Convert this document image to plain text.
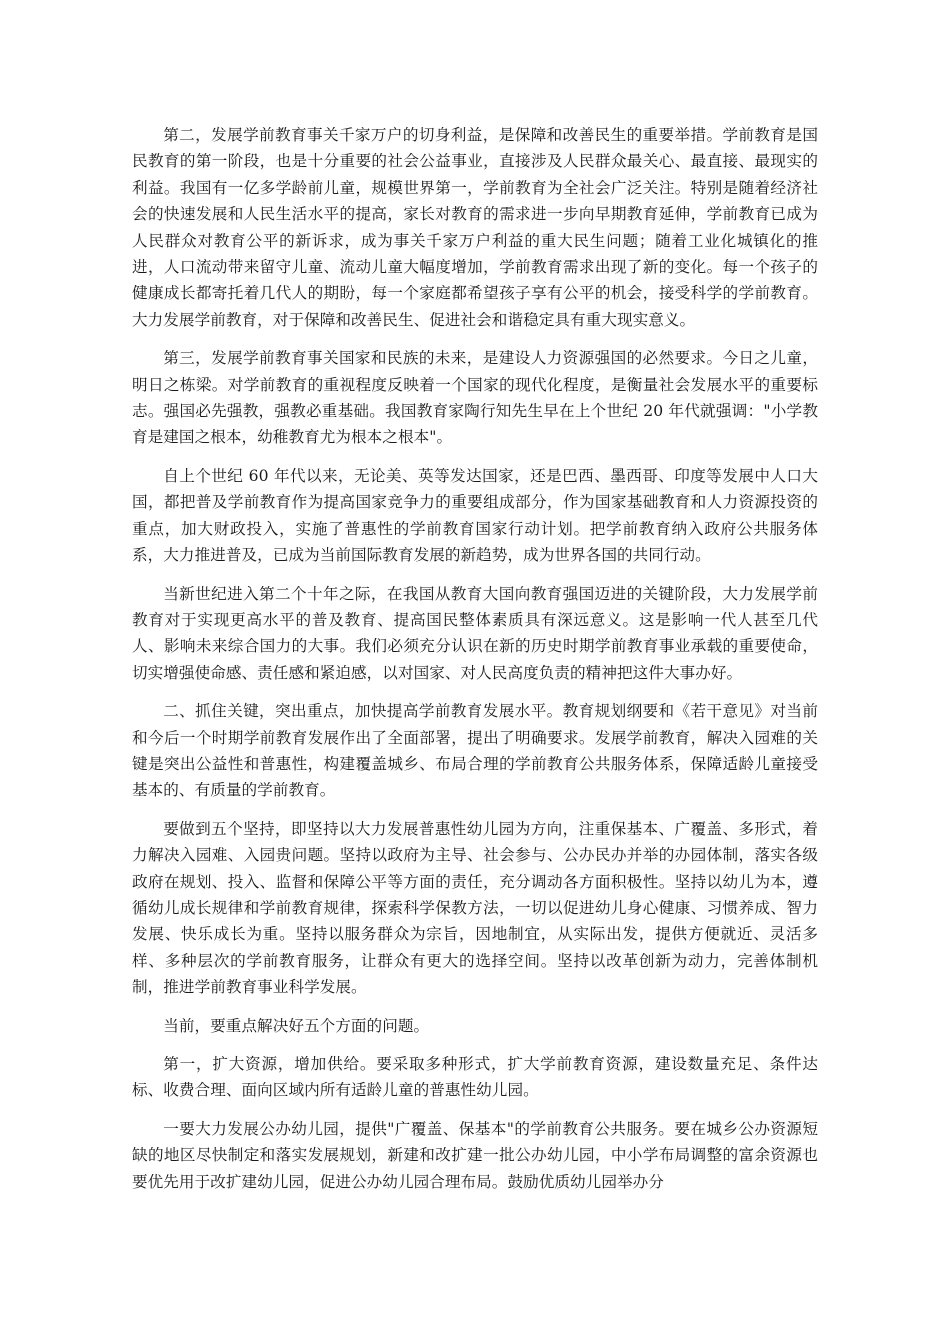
第二，发展学前教育事关千家万户的切身利益，是保障和改善民生的重要举措。学前教育是国民教育的第一阶段，也是十分重要的社会公益事业，直接涉及人民群众最关心、最直接、最现实的利益。我国有一亿多学龄前儿童，规模世界第一，学前教育为全社会广泛关注。特别是随着经济社会的快速发展和人民生活水平的提高，家长对教育的需求进一步向早期教育延伸，学前教育已成为人民群众对教育公平的新诉求，成为事关千家万户利益的重大民生问题；随着工业化城镇化的推进，人口流动带来留守儿童、流动儿童大幅度增加，学前教育需求出现了新的变化。每一个孩子的健康成长都寄托着几代人的期盼，每一个家庭都希望孩子享有公平的机会，接受科学的学前教育。大力发展学前教育，对于保障和改善民生、促进社会和谐稳定具有重大现实意义。

第三，发展学前教育事关国家和民族的未来，是建设人力资源强国的必然要求。今日之儿童，明日之栋梁。对学前教育的重视程度反映着一个国家的现代化程度，是衡量社会发展水平的重要标志。强国必先强教，强教必重基础。我国教育家陶行知先生早在上个世纪 20 年代就强调："小学教育是建国之根本，幼稚教育尤为根本之根本"。

自上个世纪 60 年代以来，无论美、英等发达国家，还是巴西、墨西哥、印度等发展中人口大国，都把普及学前教育作为提高国家竞争力的重要组成部分，作为国家基础教育和人力资源投资的重点，加大财政投入，实施了普惠性的学前教育国家行动计划。把学前教育纳入政府公共服务体系，大力推进普及，已成为当前国际教育发展的新趋势，成为世界各国的共同行动。

当新世纪进入第二个十年之际，在我国从教育大国向教育强国迈进的关键阶段，大力发展学前教育对于实现更高水平的普及教育、提高国民整体素质具有深远意义。这是影响一代人甚至几代人、影响未来综合国力的大事。我们必须充分认识在新的历史时期学前教育事业承载的重要使命，切实增强使命感、责任感和紧迫感，以对国家、对人民高度负责的精神把这件大事办好。

二、抓住关键，突出重点，加快提高学前教育发展水平。教育规划纲要和《若干意见》对当前和今后一个时期学前教育发展作出了全面部署，提出了明确要求。发展学前教育，解决入园难的关键是突出公益性和普惠性，构建覆盖城乡、布局合理的学前教育公共服务体系，保障适龄儿童接受基本的、有质量的学前教育。

要做到五个坚持，即坚持以大力发展普惠性幼儿园为方向，注重保基本、广覆盖、多形式，着力解决入园难、入园贵问题。坚持以政府为主导、社会参与、公办民办并举的办园体制，落实各级政府在规划、投入、监督和保障公平等方面的责任，充分调动各方面积极性。坚持以幼儿为本，遵循幼儿成长规律和学前教育规律，探索科学保教方法，一切以促进幼儿身心健康、习惯养成、智力发展、快乐成长为重。坚持以服务群众为宗旨，因地制宜，从实际出发，提供方便就近、灵活多样、多种层次的学前教育服务，让群众有更大的选择空间。坚持以改革创新为动力，完善体制机制，推进学前教育事业科学发展。

当前，要重点解决好五个方面的问题。

第一，扩大资源，增加供给。要采取多种形式，扩大学前教育资源，建设数量充足、条件达标、收费合理、面向区域内所有适龄儿童的普惠性幼儿园。

一要大力发展公办幼儿园，提供"广覆盖、保基本"的学前教育公共服务。要在城乡公办资源短缺的地区尽快制定和落实发展规划，新建和改扩建一批公办幼儿园，中小学布局调整的富余资源也要优先用于改扩建幼儿园，促进公办幼儿园合理布局。鼓励优质幼儿园举办分
